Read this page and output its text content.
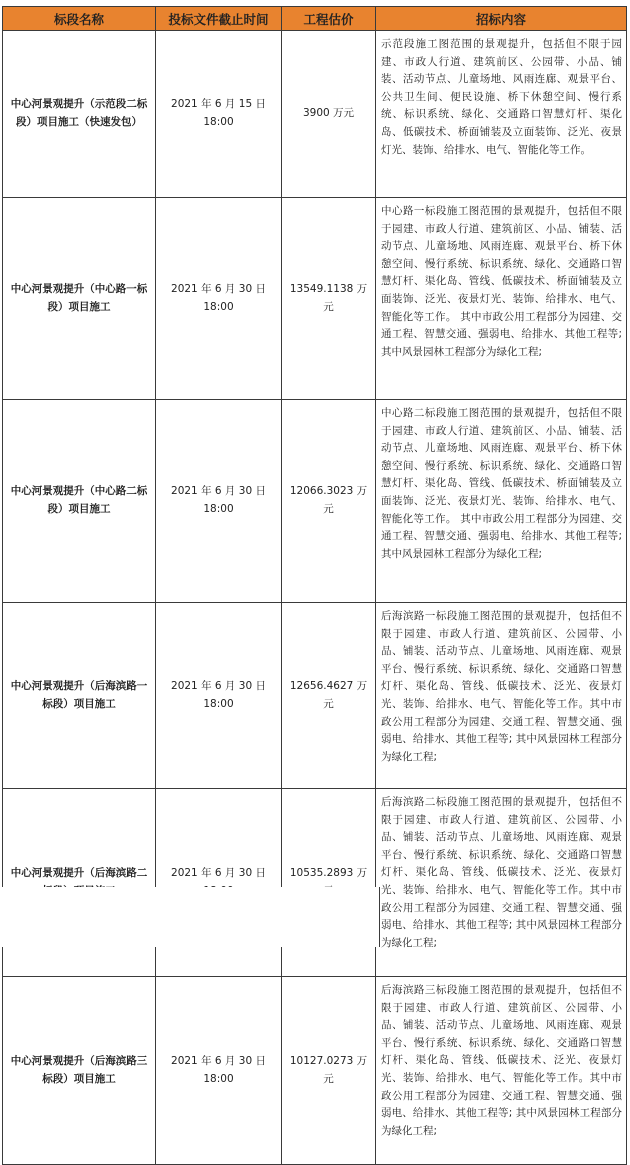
标段名称	投标文件截止时间	工程估价	招标内容
中心河景观提升（示范段二标段）项目施工（快速发包）	2021 年 6 月 15 日 18:00	3900 万元	示范段施工图范围的景观提升，包括但不限于园建、市政人行道、建筑前区、公园带、小品、铺装、活动节点、儿童场地、风雨连廊、观景平台、公共卫生间、便民设施、桥下休憩空间、慢行系统、标识系统、绿化、交通路口智慧灯杆、渠化岛、低碳技术、桥面铺装及立面装饰、泛光、夜景灯光、装饰、给排水、电气、智能化等工作。
中心河景观提升（中心路一标段）项目施工	2021 年 6 月 30 日 18:00	13549.1138 万元	中心路一标段施工图范围的景观提升，包括但不限于园建、市政人行道、建筑前区、小品、铺装、活动节点、儿童场地、风雨连廊、观景平台、桥下休憩空间、慢行系统、标识系统、绿化、交通路口智慧灯杆、渠化岛、管线、低碳技术、桥面铺装及立面装饰、泛光、夜景灯光、装饰、给排水、电气、智能化等工作。 其中市政公用工程部分为园建、交通工程、智慧交通、强弱电、给排水、其他工程等; 其中风景园林工程部分为绿化工程;
中心河景观提升（中心路二标段）项目施工	2021 年 6 月 30 日 18:00	12066.3023 万元	中心路二标段施工图范围的景观提升，包括但不限于园建、市政人行道、建筑前区、小品、铺装、活动节点、儿童场地、风雨连廊、观景平台、桥下休憩空间、慢行系统、标识系统、绿化、交通路口智慧灯杆、渠化岛、管线、低碳技术、桥面铺装及立面装饰、泛光、夜景灯光、装饰、给排水、电气、智能化等工作。 其中市政公用工程部分为园建、交通工程、智慧交通、强弱电、给排水、其他工程等; 其中风景园林工程部分为绿化工程;
中心河景观提升（后海滨路一标段）项目施工	2021 年 6 月 30 日 18:00	12656.4627 万元	后海滨路一标段施工图范围的景观提升，包括但不限于园建、市政人行道、建筑前区、公园带、小品、铺装、活动节点、儿童场地、风雨连廊、观景平台、慢行系统、标识系统、绿化、交通路口智慧灯杆、渠化岛、管线、低碳技术、泛光、夜景灯光、装饰、给排水、电气、智能化等工作。其中市政公用工程部分为园建、交通工程、智慧交通、强弱电、给排水、其他工程等; 其中风景园林工程部分为绿化工程;
中心河景观提升（后海滨路二	2021 年 6 月 30 日	10535.2893 万	后海滨路二标段施工图范围的景观提升，包括但不限于园建、市政人行道、建筑前区、公园带、小品、铺装、活动节点、儿童场地、风雨连廊、观景平台、慢行系统、标识系统、绿化、交通路口智慧灯杆、渠化岛、管线、低碳技术、泛光、夜景灯光、装饰、给排水、电气、智能化等工作。其中市政公用工程部分为园建、交通工程、智慧交通、强弱电、给排水、其他工程等; 其中风景园林工程部分为绿化工程;
中心河景观提升（后海滨路三标段）项目施工	2021 年 6 月 30 日 18:00	10127.0273 万元	后海滨路三标段施工图范围的景观提升，包括但不限于园建、市政人行道、建筑前区、公园带、小品、铺装、活动节点、儿童场地、风雨连廊、观景平台、慢行系统、标识系统、绿化、交通路口智慧灯杆、渠化岛、管线、低碳技术、泛光、夜景灯光、装饰、给排水、电气、智能化等工作。其中市政公用工程部分为园建、交通工程、智慧交通、强弱电、给排水、其他工程等; 其中风景园林工程部分为绿化工程;
